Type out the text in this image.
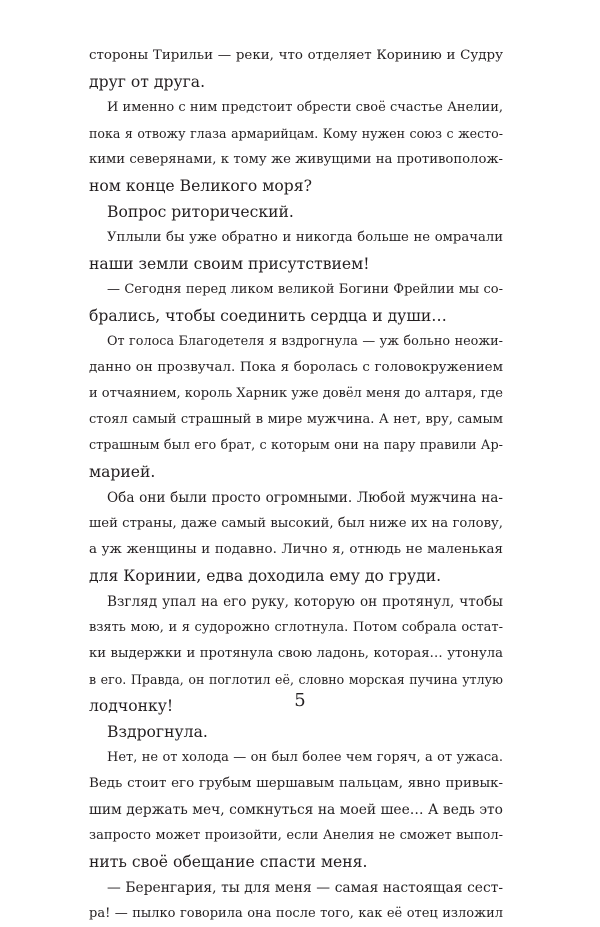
стороны Тирильи — реки, что отделяет Коринию и Судру
друг от друга.
И именно с ним предстоит обрести своё счастье Анелии,
пока я отвожу глаза армарийцам. Кому нужен союз с жесто-
кими северянами, к тому же живущими на противополож-
ном конце Великого моря?
Вопрос риторический.
Уплыли бы уже обратно и никогда больше не омрачали
наши земли своим присутствием!
— Сегодня перед ликом великой Богини Фрейлии мы со-
брались, чтобы соединить сердца и души…
От голоса Благодетеля я вздрогнула — уж больно неожи-
данно он прозвучал. Пока я боролась с головокружением
и отчаянием, король Харник уже довёл меня до алтаря, где
стоял самый страшный в мире мужчина. А нет, вру, самым
страшным был его брат, с которым они на пару правили Ар-
марией.
Оба они были просто огромными. Любой мужчина на-
шей страны, даже самый высокий, был ниже их на голову,
а уж женщины и подавно. Лично я, отнюдь не маленькая
для Коринии, едва доходила ему до груди.
Взгляд упал на его руку, которую он протянул, чтобы
взять мою, и я судорожно сглотнула. Потом собрала остат-
ки выдержки и протянула свою ладонь, которая… утонула
в его. Правда, он поглотил её, словно морская пучина утлую
лодчонку!
Вздрогнула.
Нет, не от холода — он был более чем горяч, а от ужаса.
Ведь стоит его грубым шершавым пальцам, явно привык-
шим держать меч, сомкнуться на моей шее… А ведь это
запросто может произойти, если Анелия не сможет выпол-
нить своё обещание спасти меня.
— Беренгария, ты для меня — самая настоящая сест-
ра! — пылко говорила она после того, как её отец изложил
5
